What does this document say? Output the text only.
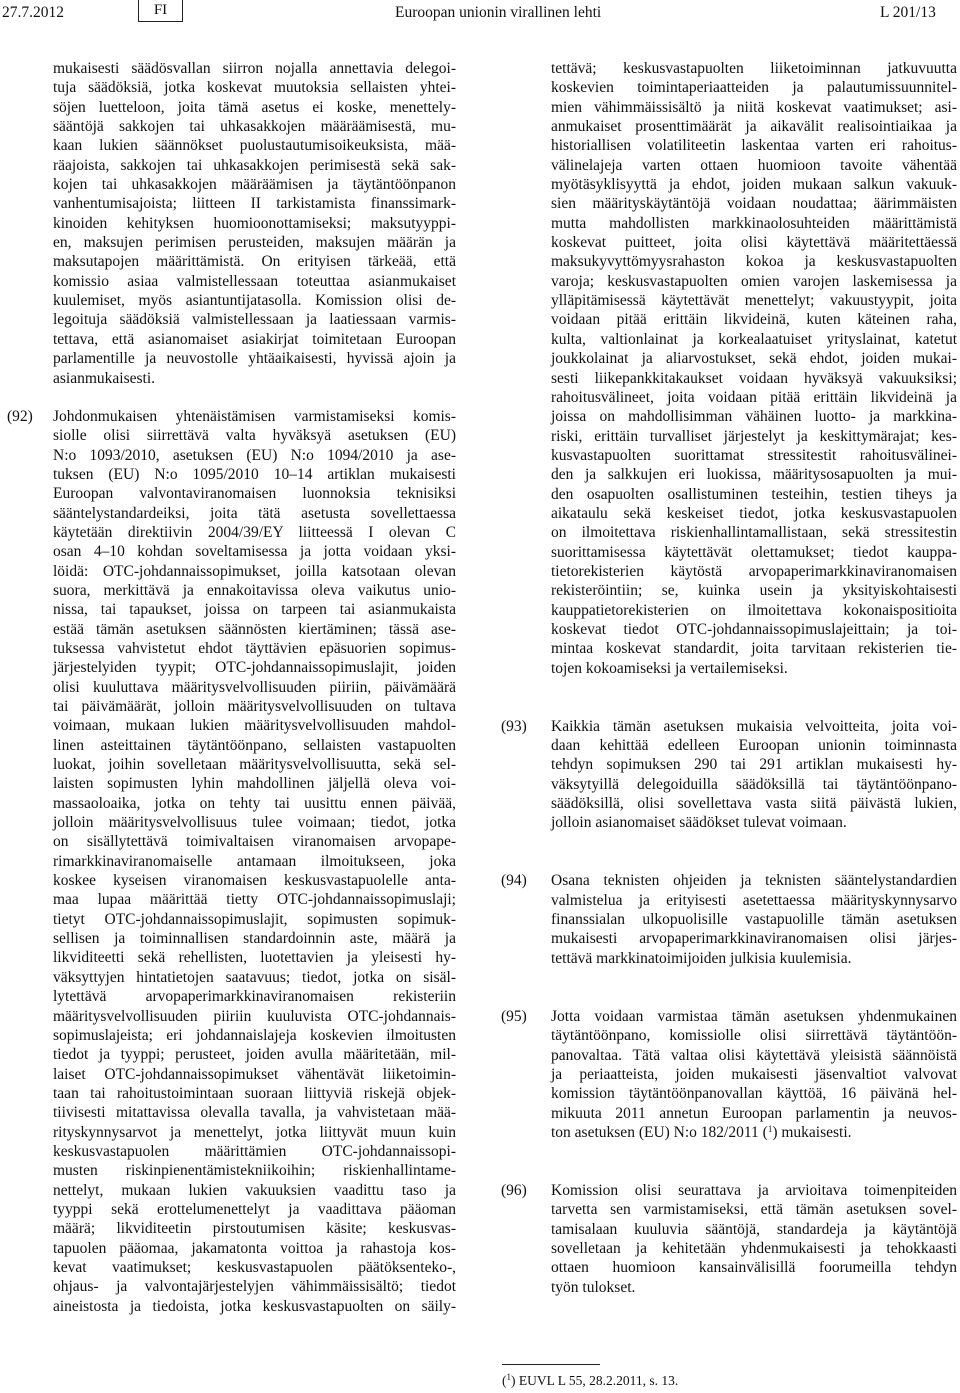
27.7.2012	FI	Euroopan unionin virallinen lehti	L 201/13
mukaisesti säädösvallan siirron nojalla annettavia delegoi-
tuja säädöksiä, jotka koskevat muutoksia sellaisten yhtei-
söjen luetteloon, joita tämä asetus ei koske, menettely-
sääntöjä sakkojen tai uhkasakkojen määräämisestä, mu-
kaan lukien säännökset puolustautumisoikeuksista, mää-
räajoista, sakkojen tai uhkasakkojen perimisestä sekä sak-
kojen tai uhkasakkojen määräämisen ja täytäntöönpanon
vanhentumisajoista; liitteen II tarkistamista finanssimark-
kinoiden kehityksen huomioonottamiseksi; maksutyyppi-
en, maksujen perimisen perusteiden, maksujen määrän ja
maksutapojen määrittämistä. On erityisen tärkeää, että
komissio asiaa valmistellessaan toteuttaa asianmukaiset
kuulemiset, myös asiantuntijatasolla. Komission olisi de-
legoituja säädöksiä valmistellessaan ja laatiessaan varmis-
tettava, että asianomaiset asiakirjat toimitetaan Euroopan
parlamentille ja neuvostolle yhtäaikaisesti, hyvissä ajoin ja
asianmukaisesti.
(92) Johdonmukaisen yhtenäistämisen varmistamiseksi komis-
siolle olisi siirrettävä valta hyväksyä asetuksen (EU)
N:o 1093/2010, asetuksen (EU) N:o 1094/2010 ja ase-
tuksen (EU) N:o 1095/2010 10–14 artiklan mukaisesti
Euroopan valvontaviranomaisen luonnoksia teknisiksi
sääntelystandardeiksi, joita tätä asetusta sovellettaessa
käytetään direktiivin 2004/39/EY liitteessä I olevan C
osan 4–10 kohdan soveltamisessa ja jotta voidaan yksi-
löidä: OTC-johdannaissopimukset, joilla katsotaan olevan
suora, merkittävä ja ennakoitavissa oleva vaikutus unio-
nissa, tai tapaukset, joissa on tarpeen tai asianmukaista
estää tämän asetuksen säännösten kiertäminen; tässä ase-
tuksessa vahvistetut ehdot täyttävien epäsuorien sopimus-
järjestelyiden tyypit; OTC-johdannaissopimuslajit, joiden
olisi kuuluttava määritysvelvollisuuden piiriin, päivämäärä
tai päivämäärät, jolloin määritysvelvollisuuden on tultava
voimaan, mukaan lukien määritysvelvollisuuden mahdol-
linen asteittainen täytäntöönpano, sellaisten vastapuolten
luokat, joihin sovelletaan määritysvelvollisuutta, sekä sel-
laisten sopimusten lyhin mahdollinen jäljellä oleva voi-
massaoloaika, jotka on tehty tai uusittu ennen päivää,
jolloin määritysvelvollisuus tulee voimaan; tiedot, jotka
on sisällytettävä toimivaltaisen viranomaisen arvopape-
rimarkkinaviranomaiselle antamaan ilmoitukseen, joka
koskee kyseisen viranomaisen keskusvastapuolelle anta-
maa lupaa määrittää tietty OTC-johdannaissopimuslaji;
tietyt OTC-johdannaissopimuslajit, sopimusten sopimuk-
sellisen ja toiminnallisen standardoinnin aste, määrä ja
likviditeetti sekä rehellisten, luotettavien ja yleisesti hy-
väksyttyjen hintatietojen saatavuus; tiedot, jotka on sisäl-
lytettävä arvopaperimarkkinaviranomaisen rekisteriin
määritysvelvollisuuden piiriin kuuluvista OTC-johdannais-
sopimuslajeista; eri johdannaislajeja koskevien ilmoitusten
tiedot ja tyyppi; perusteet, joiden avulla määritetään, mil-
laiset OTC-johdannaissopimukset vähentävät liiketoimin-
taan tai rahoitustoimintaan suoraan liittyviä riskejä objek-
tiivisesti mitattavissa olevalla tavalla, ja vahvistetaan mää-
rityskynnysarvot ja menettelyt, jotka liittyvät muun kuin
keskusvastapuolen määrittämien OTC-johdannaissopi-
musten riskinpienentämistekniikoihin; riskienhallintame-
nettelyt, mukaan lukien vakuuksien vaadittu taso ja
tyyppi sekä erottelumenettelyt ja vaadittava pääoman
määrä; likviditeetin pirstoutumisen käsite; keskusvas-
tapuolen pääomaa, jakamatonta voittoa ja rahastoja kos-
kevat vaatimukset; keskusvastapuolen päätöksenteko-,
ohjaus- ja valvontajärjestelyjen vähimmäissisältö; tiedot
aineistosta ja tiedoista, jotka keskusvastapuolten on säily-
tettävä; keskusvastapuolten liiketoiminnan jatkuvuutta
koskevien toimintaperiaatteiden ja palautumissuunnitel-
mien vähimmäissisältö ja niitä koskevat vaatimukset; asi-
anmukaiset prosenttimäärät ja aikavälit realisointiaikaa ja
historiallisen volatiliteetin laskentaa varten eri rahoitus-
välinelajeja varten ottaen huomioon tavoite vähentää
myötäsyklisyyttä ja ehdot, joiden mukaan salkun vakuuk-
sien määrityskäytäntöjä voidaan noudattaa; äärimmäisten
mutta mahdollisten markkinaolosuhteiden määrittämistä
koskevat puitteet, joita olisi käytettävä määritettäessä
maksukyvyttömyysrahaston kokoa ja keskusvastapuolten
varoja; keskusvastapuolten omien varojen laskemisessa ja
ylläpitämisessä käytettävät menettelyt; vakuustyypit, joita
voidaan pitää erittäin likvideinä, kuten käteinen raha,
kulta, valtionlainat ja korkealaatuiset yrityslainat, katetut
joukkolainat ja aliarvostukset, sekä ehdot, joiden mukai-
sesti liikepankkitakaukset voidaan hyväksyä vakuuksiksi;
rahoitusvälineet, joita voidaan pitää erittäin likvideinä ja
joissa on mahdollisimman vähäinen luotto- ja markkina-
riski, erittäin turvalliset järjestelyt ja keskittymärajat; kes-
kusvastapuolten suorittamat stressitestit rahoitusvälinei-
den ja salkkujen eri luokissa, määritysosapuolten ja mui-
den osapuolten osallistuminen testeihin, testien tiheys ja
aikataulu sekä keskeiset tiedot, jotka keskusvastapuolen
on ilmoitettava riskienhallintamallistaan, sekä stressitestin
suorittamisessa käytettävät olettamukset; tiedot kauppa-
tietorekisterien käytöstä arvopaperimarkkinaviranomaisen
rekisteröintiin; se, kuinka usein ja yksityiskohtaisesti
kauppatietorekisterien on ilmoitettava kokonaispositioita
koskevat tiedot OTC-johdannaissopimuslajeittain; ja toi-
mintaa koskevat standardit, joita tarvitaan rekisterien tie-
tojen kokoamiseksi ja vertailemiseksi.
(93) Kaikkia tämän asetuksen mukaisia velvoitteita, joita voi-
daan kehittää edelleen Euroopan unionin toiminnasta
tehdyn sopimuksen 290 tai 291 artiklan mukaisesti hy-
väksytyillä delegoiduilla säädöksillä tai täytäntöönpano-
säädöksillä, olisi sovellettava vasta siitä päivästä lukien,
jolloin asianomaiset säädökset tulevat voimaan.
(94) Osana teknisten ohjeiden ja teknisten sääntelystandardien
valmistelua ja erityisesti asetettaessa määrityskynnysarvo
finanssialan ulkopuolisille vastapuolille tämän asetuksen
mukaisesti arvopaperimarkkinaviranomaisen olisi järjes-
tettävä markkinatoimijoiden julkisia kuulemisia.
(95) Jotta voidaan varmistaa tämän asetuksen yhdenmukainen
täytäntöönpano, komissiolle olisi siirrettävä täytäntöön-
panovaltaa. Tätä valtaa olisi käytettävä yleisistä säännöistä
ja periaatteista, joiden mukaisesti jäsenvaltiot valvovat
komission täytäntöönpanovallan käyttöä, 16 päivänä hel-
mikuuta 2011 annetun Euroopan parlamentin ja neuvos-
ton asetuksen (EU) N:o 182/2011 ($^1$) mukaisesti.
(96) Komission olisi seurattava ja arvioitava toimenpiteiden
tarvetta sen varmistamiseksi, että tämän asetuksen sovel-
tamisalaan kuuluvia sääntöjä, standardeja ja käytäntöjä
sovelletaan ja kehitetään yhdenmukaisesti ja tehokkaasti
ottaen huomioon kansainvälisillä foorumeilla tehdyn
työn tulokset.
($^1$) EUVL L 55, 28.2.2011, s. 13.
